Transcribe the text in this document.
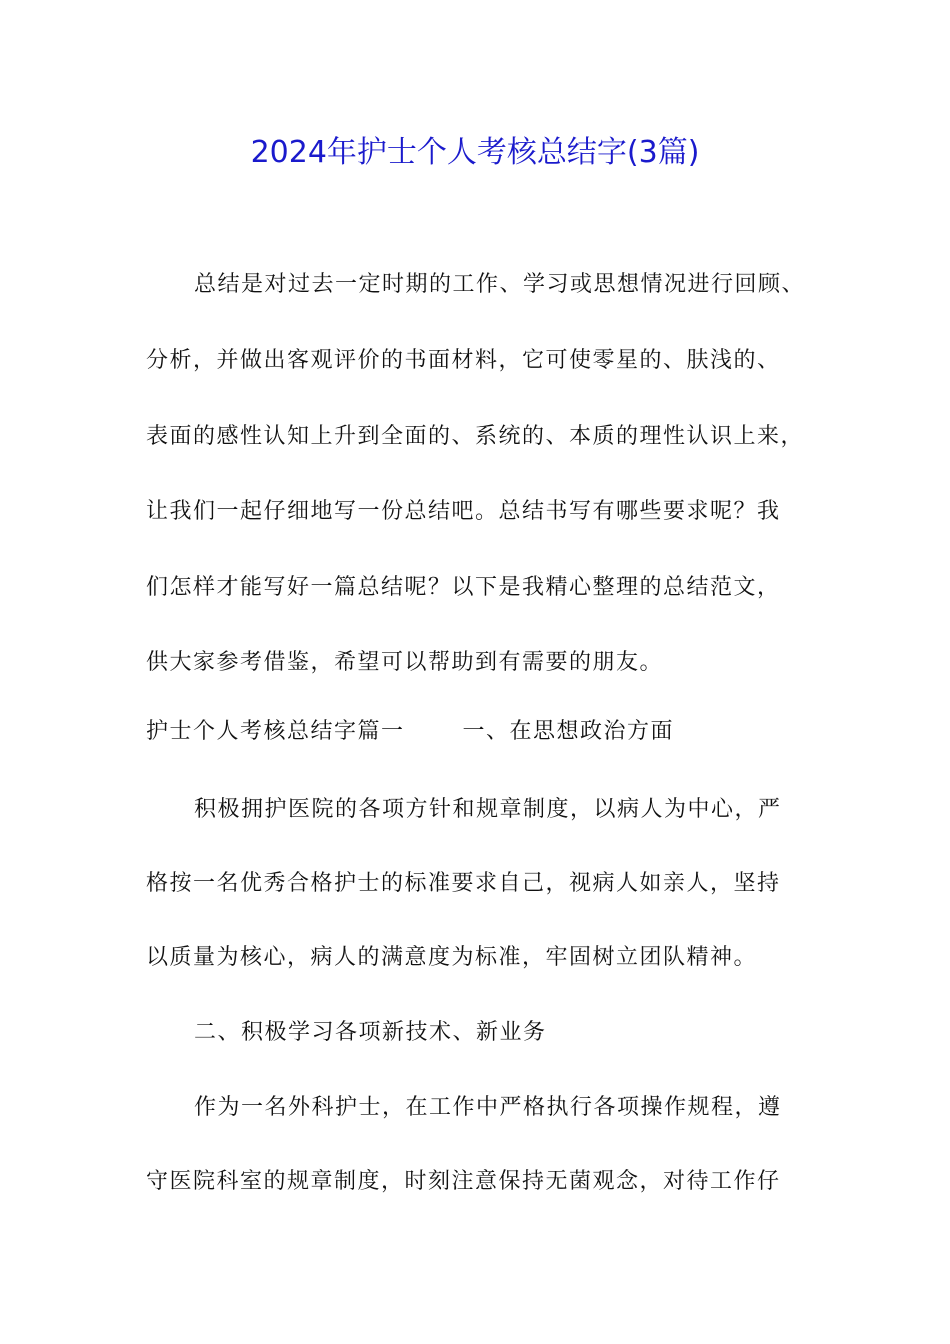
2024年护士个人考核总结字(3篇)

总结是对过去一定时期的工作、学习或思想情况进行回顾、

分析，并做出客观评价的书面材料，它可使零星的、肤浅的、

表面的感性认知上升到全面的、系统的、本质的理性认识上来，

让我们一起仔细地写一份总结吧。总结书写有哪些要求呢？我

们怎样才能写好一篇总结呢？以下是我精心整理的总结范文，

供大家参考借鉴，希望可以帮助到有需要的朋友。

护士个人考核总结字篇一	一、在思想政治方面

积极拥护医院的各项方针和规章制度，以病人为中心，严

格按一名优秀合格护士的标准要求自己，视病人如亲人，坚持

以质量为核心，病人的满意度为标准，牢固树立团队精神。

二、积极学习各项新技术、新业务

作为一名外科护士，在工作中严格执行各项操作规程，遵

守医院科室的规章制度，时刻注意保持无菌观念，对待工作仔
